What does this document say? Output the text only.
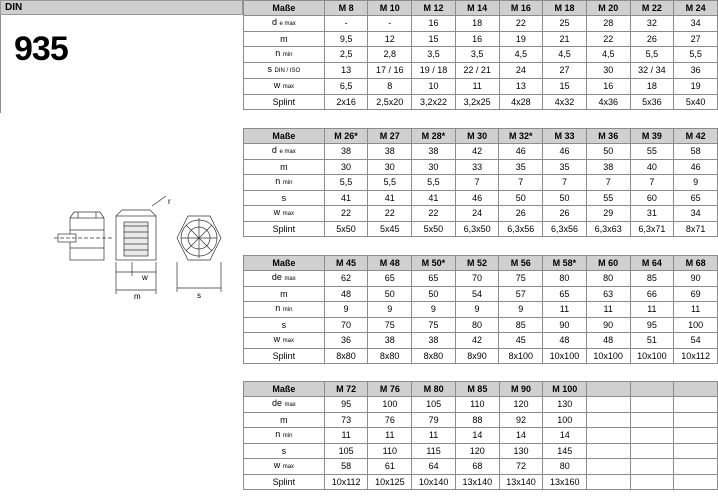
DIN
935
r
w
m	s
Maße	M 8	M 10	M 12	M 14	M 16	M 18	M 20	M 22	M 24
d e max	-	-	16	18	22	25	28	32	34
m	9,5	12	15	16	19	21	22	26	27
n min	2,5	2,8	3,5	3,5	4,5	4,5	4,5	5,5	5,5
s DIN / ISO	13	17 / 16	19 / 18	22 / 21	24	27	30	32 / 34	36
w max	6,5	8	10	11	13	15	16	18	19
Splint	2x16	2,5x20	3,2x22	3,2x25	4x28	4x32	4x36	5x36	5x40
Maße	M 26*	M 27	M 28*	M 30	M 32*	M 33	M 36	M 39	M 42
d e max	38	38	38	42	46	46	50	55	58
m	30	30	30	33	35	35	38	40	46
n min	5,5	5,5	5,5	7	7	7	7	7	9
s	41	41	41	46	50	50	55	60	65
w max	22	22	22	24	26	26	29	31	34
Splint	5x50	5x45	5x50	6,3x50	6,3x56	6,3x56	6,3x63	6,3x71	8x71
Maße	M 45	M 48	M 50*	M 52	M 56	M 58*	M 60	M 64	M 68
de max	62	65	65	70	75	80	80	85	90
m	48	50	50	54	57	65	63	66	69
n min	9	9	9	9	9	11	11	11	11
s	70	75	75	80	85	90	90	95	100
w max	36	38	38	42	45	48	48	51	54
Splint	8x80	8x80	8x80	8x90	8x100	10x100	10x100	10x100	10x112
Maße	M 72	M 76	M 80	M 85	M 90	M 100			
de max	95	100	105	110	120	130			
m	73	76	79	88	92	100			
n min	11	11	11	14	14	14			
s	105	110	115	120	130	145			
w max	58	61	64	68	72	80			
Splint	10x112	10x125	10x140	13x140	13x140	13x160			
